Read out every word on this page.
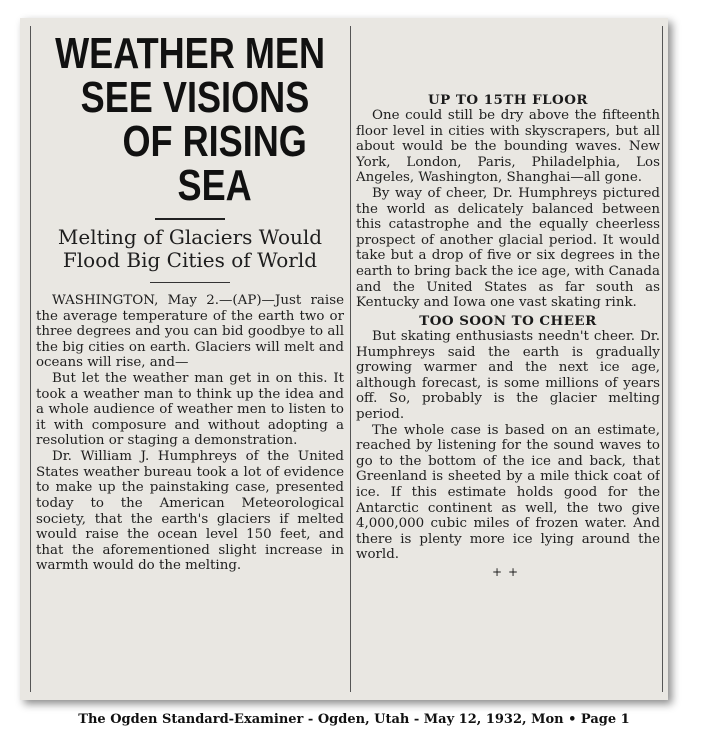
WEATHER MEN
SEE VISIONS
OF RISING SEA
Melting of Glaciers Would Flood Big Cities of World

WASHINGTON, May 2.—(AP)—Just raise the average temperature of the earth two or three degrees and you can bid goodbye to all the big cities on earth. Glaciers will melt and oceans will rise, and—

But let the weather man get in on this. It took a weather man to think up the idea and a whole audience of weather men to listen to it with composure and without adopting a resolution or staging a demonstration.

Dr. William J. Humphreys of the United States weather bureau took a lot of evidence to make up the painstaking case, presented today to the American Meteorological society, that the earth's glaciers if melted would raise the ocean level 150 feet, and that the aforementioned slight increase in warmth would do the melting.

UP TO 15TH FLOOR

One could still be dry above the fifteenth floor level in cities with skyscrapers, but all about would be the bounding waves. New York, London, Paris, Philadelphia, Los Angeles, Washington, Shanghai—all gone.

By way of cheer, Dr. Humphreys pictured the world as delicately balanced between this catastrophe and the equally cheerless prospect of another glacial period. It would take but a drop of five or six degrees in the earth to bring back the ice age, with Canada and the United States as far south as Kentucky and Iowa one vast skating rink.

TOO SOON TO CHEER

But skating enthusiasts needn't cheer. Dr. Humphreys said the earth is gradually growing warmer and the next ice age, although forecast, is some millions of years off. So, probably is the glacier melting period.

The whole case is based on an estimate, reached by listening for the sound waves to go to the bottom of the ice and back, that Greenland is sheeted by a mile thick coat of ice. If this estimate holds good for the Antarctic continent as well, the two give 4,000,000 cubic miles of frozen water. And there is plenty more ice lying around the world.

++
The Ogden Standard-Examiner - Ogden, Utah - May 12, 1932, Mon • Page 1
